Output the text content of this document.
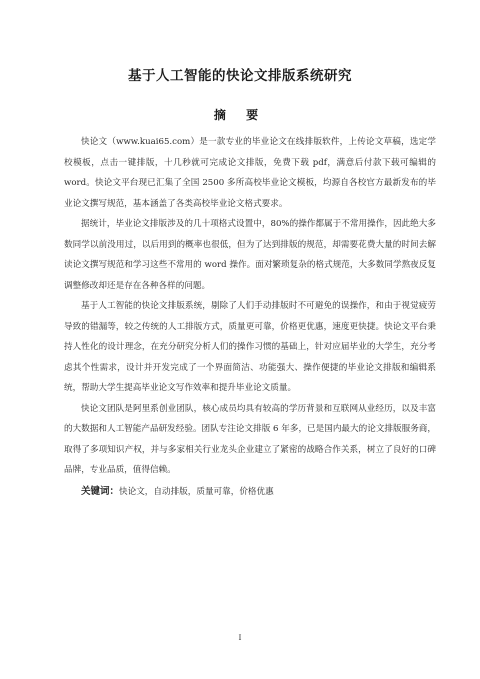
基于人工智能的快论文排版系统研究
摘 要

快论文（www.kuai65.com）是一款专业的毕业论文在线排版软件，上传论文草稿，选定学校模板，点击一键排版，十几秒就可完成论文排版，免费下载 pdf，满意后付款下载可编辑的 word。快论文平台现已汇集了全国 2500 多所高校毕业论文模板，均源自各校官方最新发布的毕业论文撰写规范，基本涵盖了各类高校毕业论文格式要求。

据统计，毕业论文排版涉及的几十项格式设置中，80%的操作都属于不常用操作，因此绝大多数同学以前没用过，以后用到的概率也很低，但为了达到排版的规范，却需要花费大量的时间去解读论文撰写规范和学习这些不常用的 word 操作。面对繁琐复杂的格式规范，大多数同学熬夜反复调整修改却还是存在各种各样的问题。

基于人工智能的快论文排版系统，剔除了人们手动排版时不可避免的误操作，和由于视觉疲劳导致的错漏等，较之传统的人工排版方式，质量更可靠，价格更优惠，速度更快捷。快论文平台秉持人性化的设计理念，在充分研究分析人们的操作习惯的基础上，针对应届毕业的大学生，充分考虑其个性需求，设计并开发完成了一个界面简洁、功能强大、操作便捷的毕业论文排版和编辑系统，帮助大学生提高毕业论文写作效率和提升毕业论文质量。

快论文团队是阿里系创业团队，核心成员均具有较高的学历背景和互联网从业经历，以及丰富的大数据和人工智能产品研发经验。团队专注论文排版 6 年多，已是国内最大的论文排版服务商，取得了多项知识产权，并与多家相关行业龙头企业建立了紧密的战略合作关系，树立了良好的口碑品牌，专业品质，值得信赖。

关键词：快论文，自动排版，质量可靠，价格优惠
I
